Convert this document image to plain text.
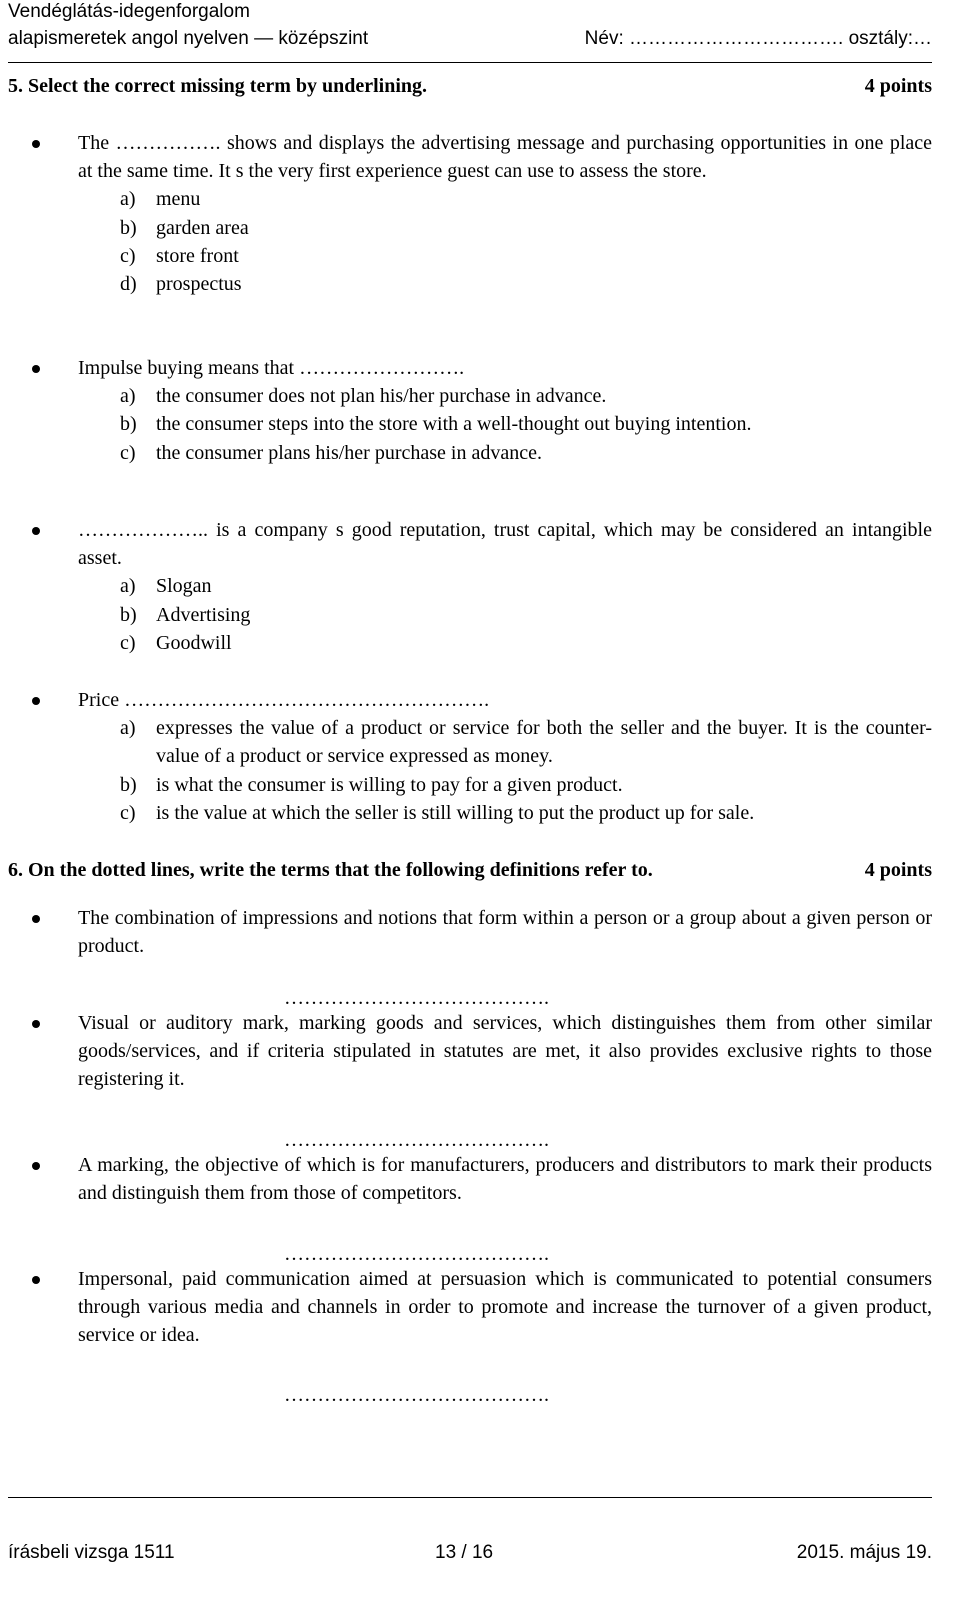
Vendéglátás-idegenforgalom
alapismeretek angol nyelven — középszint	Név: ……………………………. osztály:…
5. Select the correct missing term by underlining.	4 points
The ……………. shows and displays the advertising message and purchasing opportunities in one place at the same time. It s the very first experience guest can use to assess the store.
a) menu
b) garden area
c) store front
d) prospectus
Impulse buying means that …………………….
a) the consumer does not plan his/her purchase in advance.
b) the consumer steps into the store with a well-thought out buying intention.
c) the consumer plans his/her purchase in advance.
……………….. is a company s good reputation, trust capital, which may be considered an intangible asset.
a) Slogan
b) Advertising
c) Goodwill
Price ……………………………………………….
a) expresses the value of a product or service for both the seller and the buyer. It is the counter-value of a product or service expressed as money.
b) is what the consumer is willing to pay for a given product.
c) is the value at which the seller is still willing to put the product up for sale.
6. On the dotted lines, write the terms that the following definitions refer to.	4 points
The combination of impressions and notions that form within a person or a group about a given person or product.
………………………………….
Visual or auditory mark, marking goods and services, which distinguishes them from other similar goods/services, and if criteria stipulated in statutes are met, it also provides exclusive rights to those registering it.
………………………………….
A marking, the objective of which is for manufacturers, producers and distributors to mark their products and distinguish them from those of competitors.
………………………………….
Impersonal, paid communication aimed at persuasion which is communicated to potential consumers through various media and channels in order to promote and increase the turnover of a given product, service or idea.
………………………………….
írásbeli vizsga 1511	13 / 16	2015. május 19.
